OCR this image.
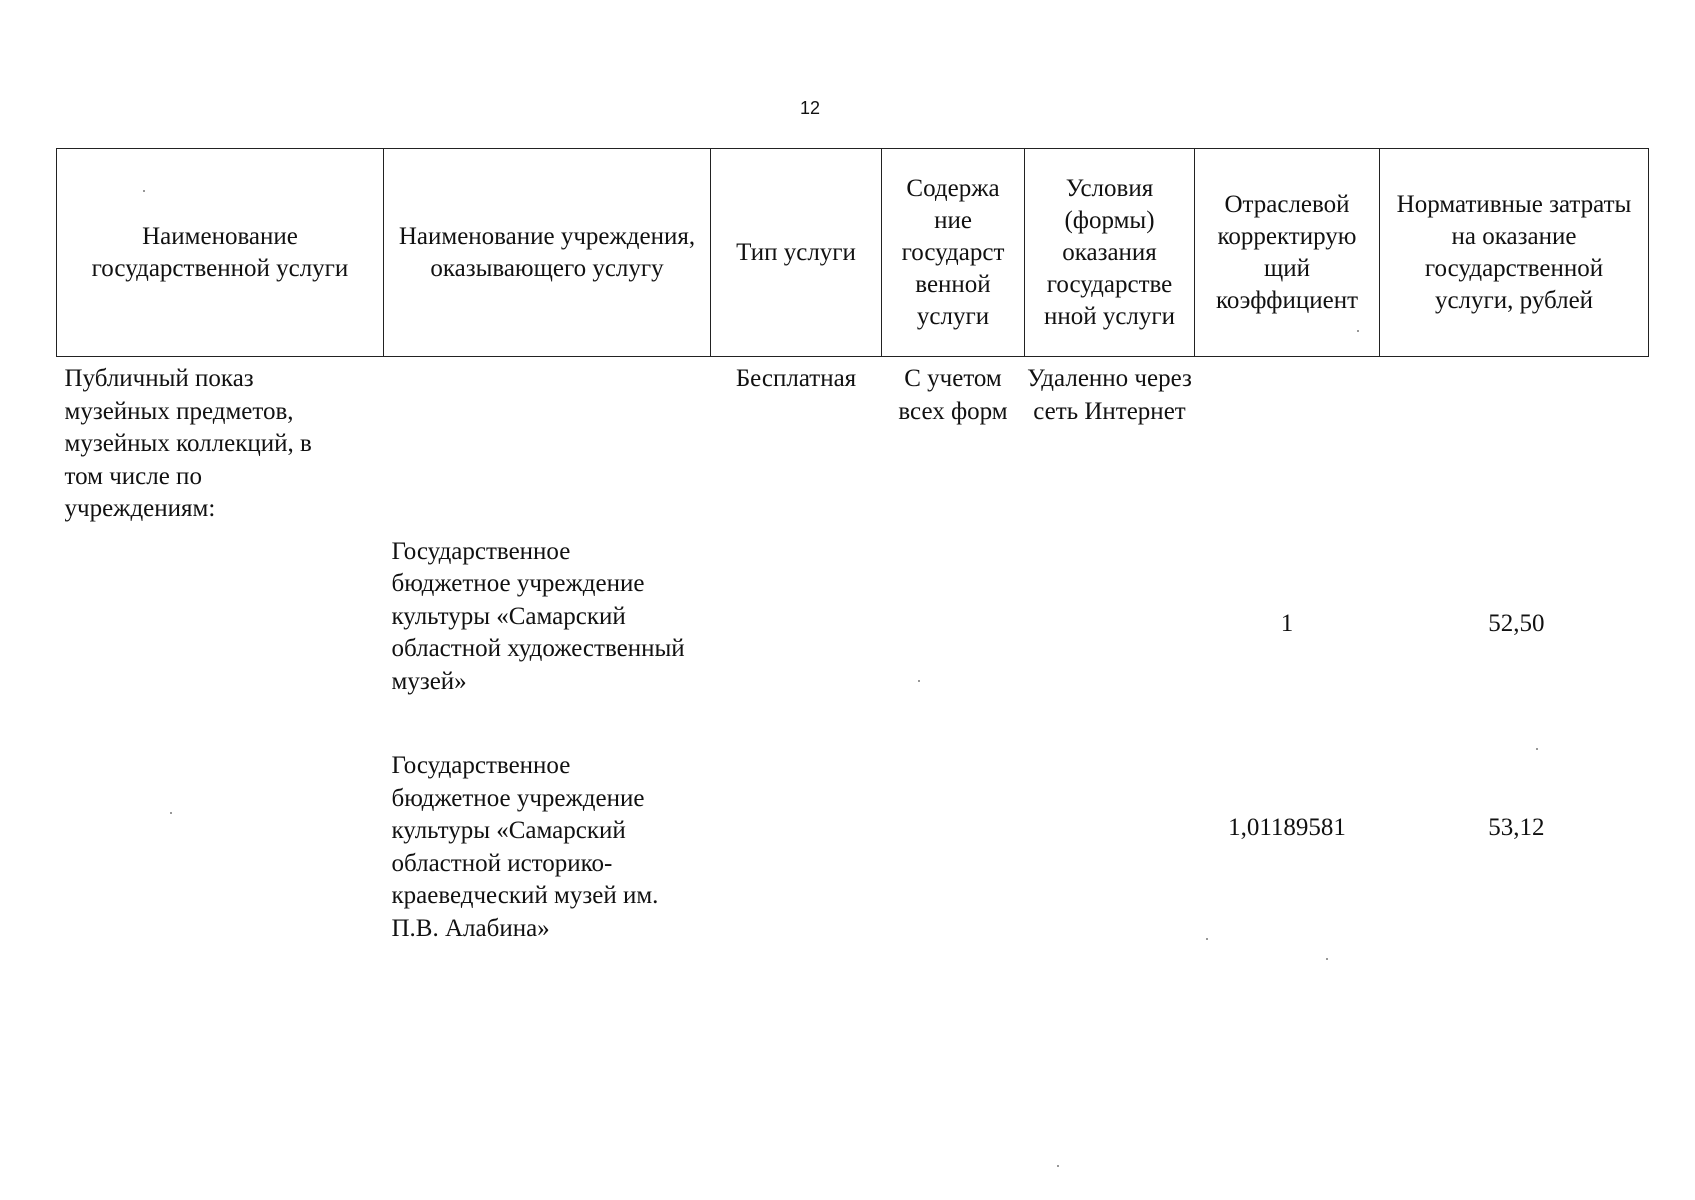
12
Наименование государственной услуги	Наименование учреждения, оказывающего услугу	Тип услуги	Содержа ние государст венной услуги	Условия (формы) оказания государстве нной услуги	Отраслевой корректирую щий коэффициент	Нормативные затраты на оказание государственной услуги, рублей
Публичный показ музейных предметов, музейных коллекций, в том числе по учреждениям:		Бесплатная	С учетом всех форм	Удаленно через сеть Интернет		

	Государственное бюджетное учреждение культуры «Самарский областной художественный музей»				1	52,50

	Государственное бюджетное учреждение культуры «Самарский областной историко-краеведческий музей им. П.В. Алабина»				1,01189581	53,12
